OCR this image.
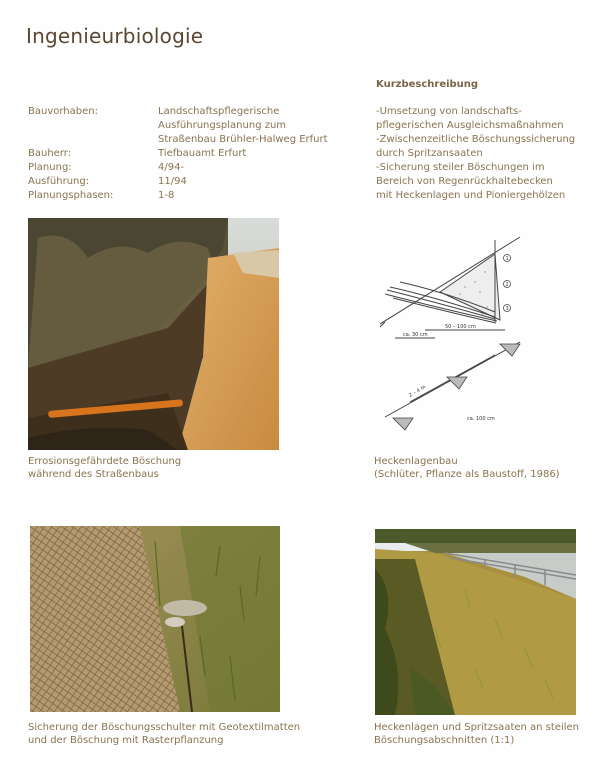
Ingenieurbiologie
Kurzbeschreibung
Bauvorhaben:	Landschaftspflegerische
Ausführungsplanung zum
Straßenbau Brühler-Halweg Erfurt
Bauherr:	Tiefbauamt Erfurt
Planung:	4/94-
Ausführung:	11/94
Planungsphasen:	1-8
-Umsetzung von landschafts-
pflegerischen Ausgleichsmaßnahmen
-Zwischenzeitliche Böschungssicherung
durch Spritzansaaten
-Sicherung steiler Böschungen im
Bereich von Regenrückhaltebecken
mit Heckenlagen und Pioniergehölzen
1
2
3
50 – 100 cm
ca. 30 cm
2 – 4 m
ca. 100 cm
Errosionsgefährdete Böschung
während des Straßenbaus
Heckenlagenbau
(Schlüter, Pflanze als Baustoff, 1986)
Sicherung der Böschungsschulter mit Geotextilmatten
und der Böschung mit Rasterpflanzung
Heckenlagen und Spritzsaaten an steilen
Böschungsabschnitten (1:1)
